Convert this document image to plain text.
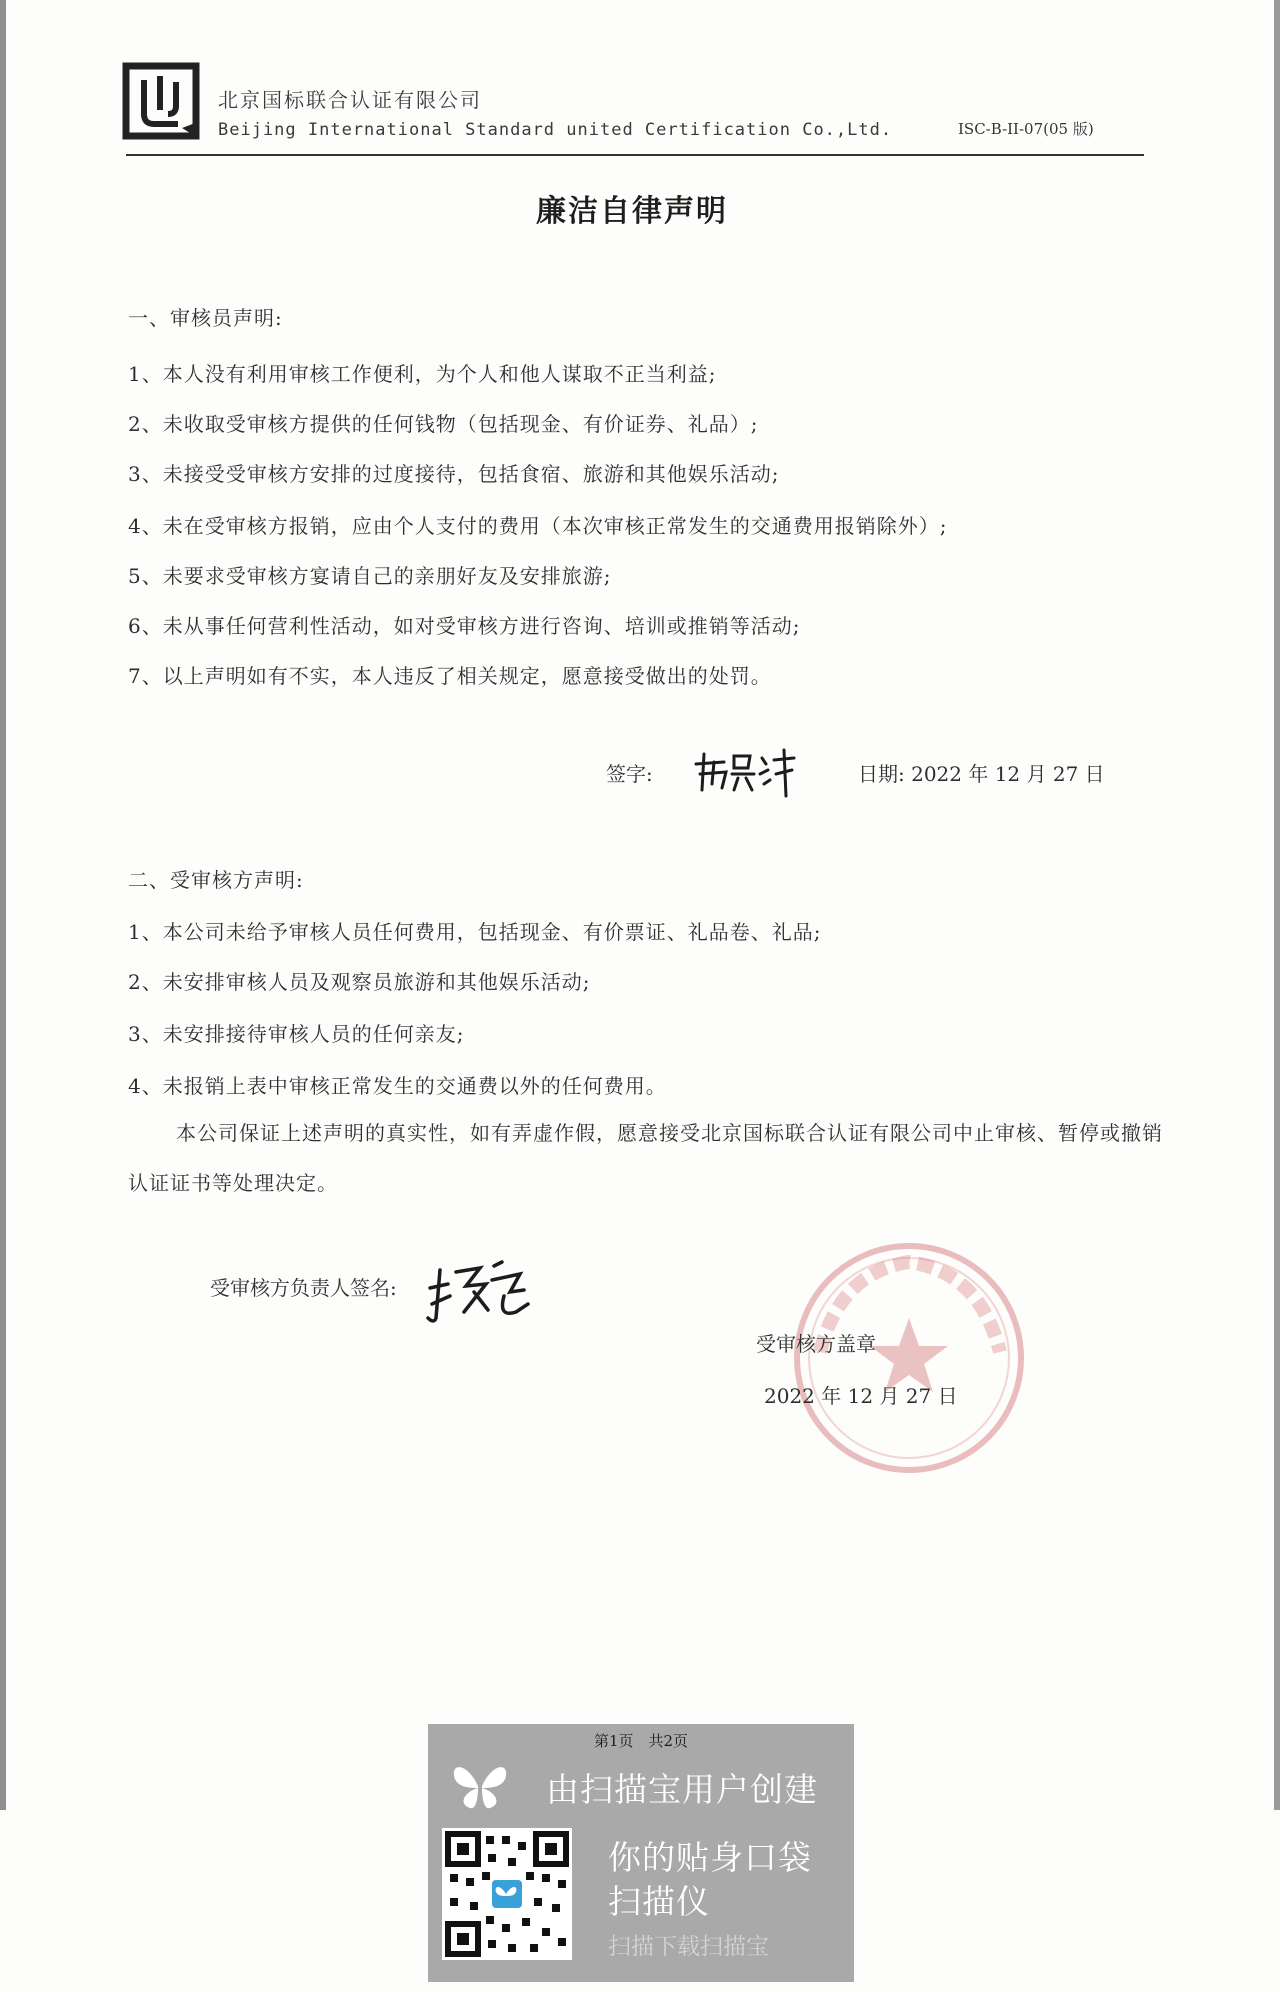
北京国标联合认证有限公司
Beijing International Standard united Certification Co.,Ltd.	ISC-B-II-07(05 版)
廉洁自律声明
一、审核员声明:
1、本人没有利用审核工作便利，为个人和他人谋取不正当利益;
2、未收取受审核方提供的任何钱物（包括现金、有价证券、礼品）;
3、未接受受审核方安排的过度接待，包括食宿、旅游和其他娱乐活动;
4、未在受审核方报销，应由个人支付的费用（本次审核正常发生的交通费用报销除外）;
5、未要求受审核方宴请自己的亲朋好友及安排旅游;
6、未从事任何营利性活动，如对受审核方进行咨询、培训或推销等活动;
7、以上声明如有不实，本人违反了相关规定，愿意接受做出的处罚。
签字:	日期: 2022 年 12 月 27 日
二、受审核方声明:
1、本公司未给予审核人员任何费用，包括现金、有价票证、礼品卷、礼品;
2、未安排审核人员及观察员旅游和其他娱乐活动;
3、未安排接待审核人员的任何亲友;
4、未报销上表中审核正常发生的交通费以外的任何费用。
本公司保证上述声明的真实性，如有弄虚作假，愿意接受北京国标联合认证有限公司中止审核、暂停或撤销认证证书等处理决定。
受审核方负责人签名:
受审核方盖章
2022 年 12 月 27 日
第1页　共2页
由扫描宝用户创建
你的贴身口袋
扫描仪
扫描下载扫描宝
